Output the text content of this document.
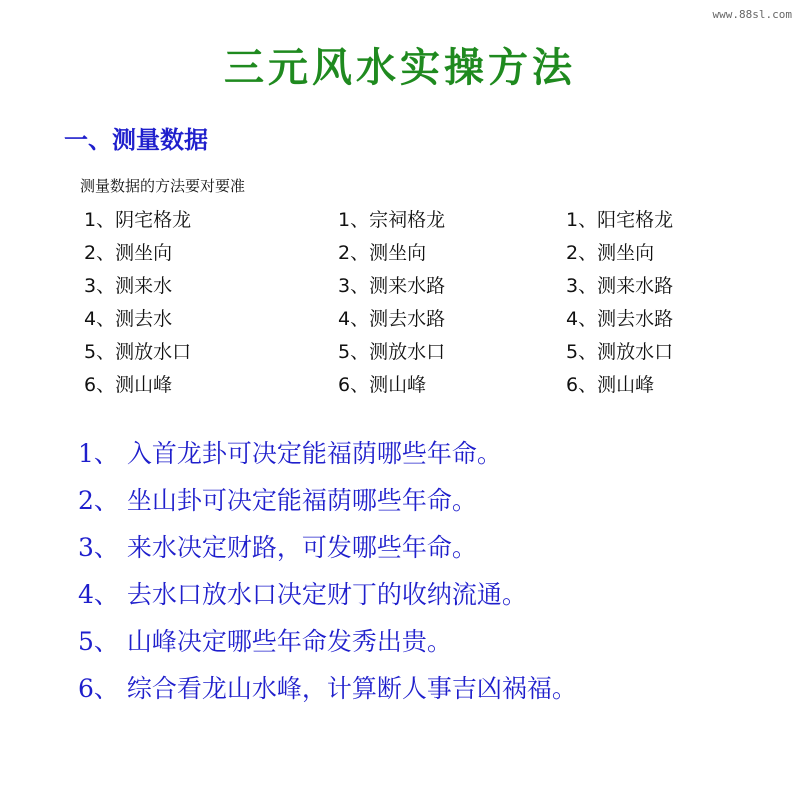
www.88sl.com
三元风水实操方法
一、测量数据
测量数据的方法要对要准
1、阴宅格龙
2、测坐向
3、测来水
4、测去水
5、测放水口
6、测山峰
1、宗祠格龙
2、测坐向
3、测来水路
4、测去水路
5、测放水口
6、测山峰
1、阳宅格龙
2、测坐向
3、测来水路
4、测去水路
5、测放水口
6、测山峰
1、 入首龙卦可决定能福荫哪些年命。
2、 坐山卦可决定能福荫哪些年命。
3、 来水决定财路，可发哪些年命。
4、 去水口放水口决定财丁的收纳流通。
5、 山峰决定哪些年命发秀出贵。
6、 综合看龙山水峰，计算断人事吉凶祸福。
